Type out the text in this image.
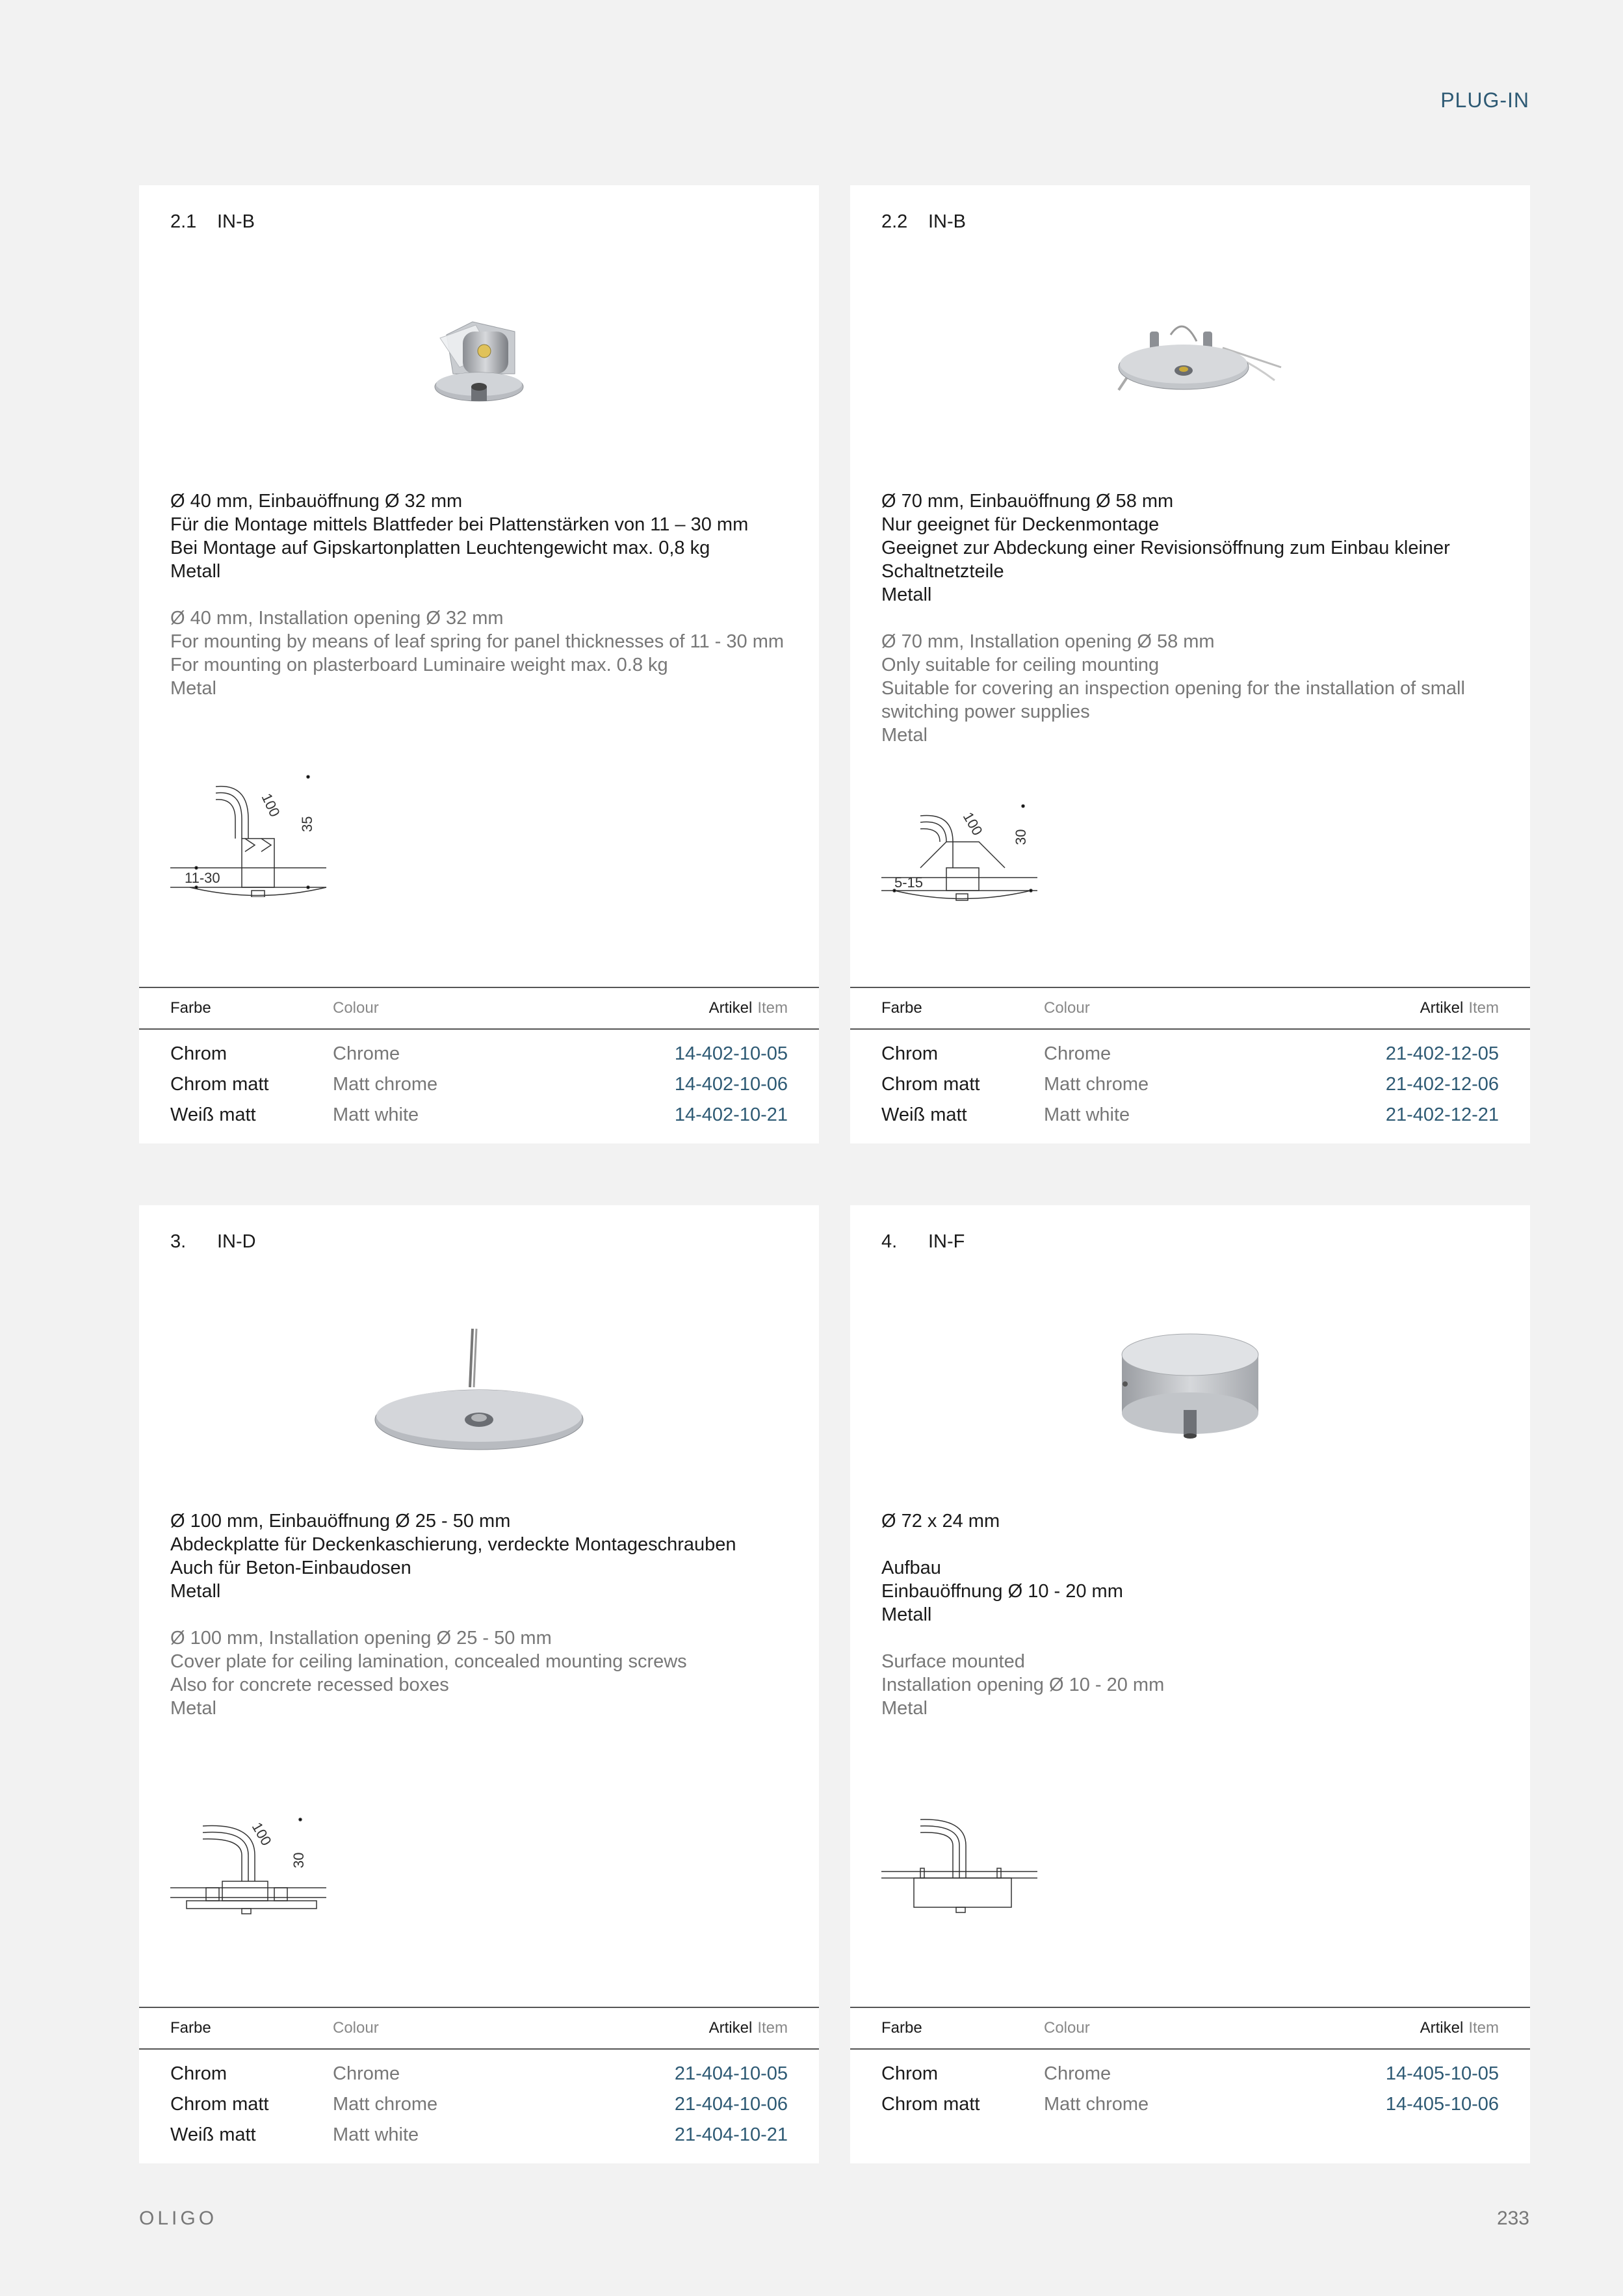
PLUG-IN
2.1	IN-B
Ø 40 mm, Einbauöffnung Ø 32 mm
Für die Montage mittels Blattfeder bei Plattenstärken von 11 – 30 mm
Bei Montage auf Gipskartonplatten Leuchtengewicht max. 0,8 kg
Metall
Ø 40 mm, Installation opening Ø 32 mm
For mounting by means of leaf spring for panel thicknesses of 11 - 30 mm
For mounting on plasterboard Luminaire weight max. 0.8 kg
Metal
100
35
11-30
Farbe	Colour	Artikel Item
Chrom	Chrome	14-402-10-05
Chrom matt	Matt chrome	14-402-10-06
Weiß matt	Matt white	14-402-10-21
2.2	IN-B
Ø 70 mm, Einbauöffnung Ø 58 mm
Nur geeignet für Deckenmontage
Geeignet zur Abdeckung einer Revisionsöffnung zum Einbau kleiner
Schaltnetzteile
Metall
Ø 70 mm, Installation opening Ø 58 mm
Only suitable for ceiling mounting
Suitable for covering an inspection opening for the installation of small
switching power supplies
Metal
100 30
5-15
Farbe	Colour	Artikel Item
Chrom	Chrome	21-402-12-05
Chrom matt	Matt chrome	21-402-12-06
Weiß matt	Matt white	21-402-12-21
3.	IN-D
Ø 100 mm, Einbauöffnung Ø 25 - 50 mm
Abdeckplatte für Deckenkaschierung, verdeckte Montageschrauben
Auch für Beton-Einbaudosen
Metall
Ø 100 mm, Installation opening Ø 25 - 50 mm
Cover plate for ceiling lamination, concealed mounting screws
Also for concrete recessed boxes
Metal
100
30
Farbe	Colour	Artikel Item
Chrom	Chrome	21-404-10-05
Chrom matt	Matt chrome	21-404-10-06
Weiß matt	Matt white	21-404-10-21
4.	IN-F
Ø 72 x 24 mm
Aufbau
Einbauöffnung Ø 10 - 20 mm
Metall
Surface mounted
Installation opening Ø 10 - 20 mm
Metal
Farbe	Colour	Artikel Item
Chrom	Chrome	14-405-10-05
Chrom matt	Matt chrome	14-405-10-06
OLIGO	233
